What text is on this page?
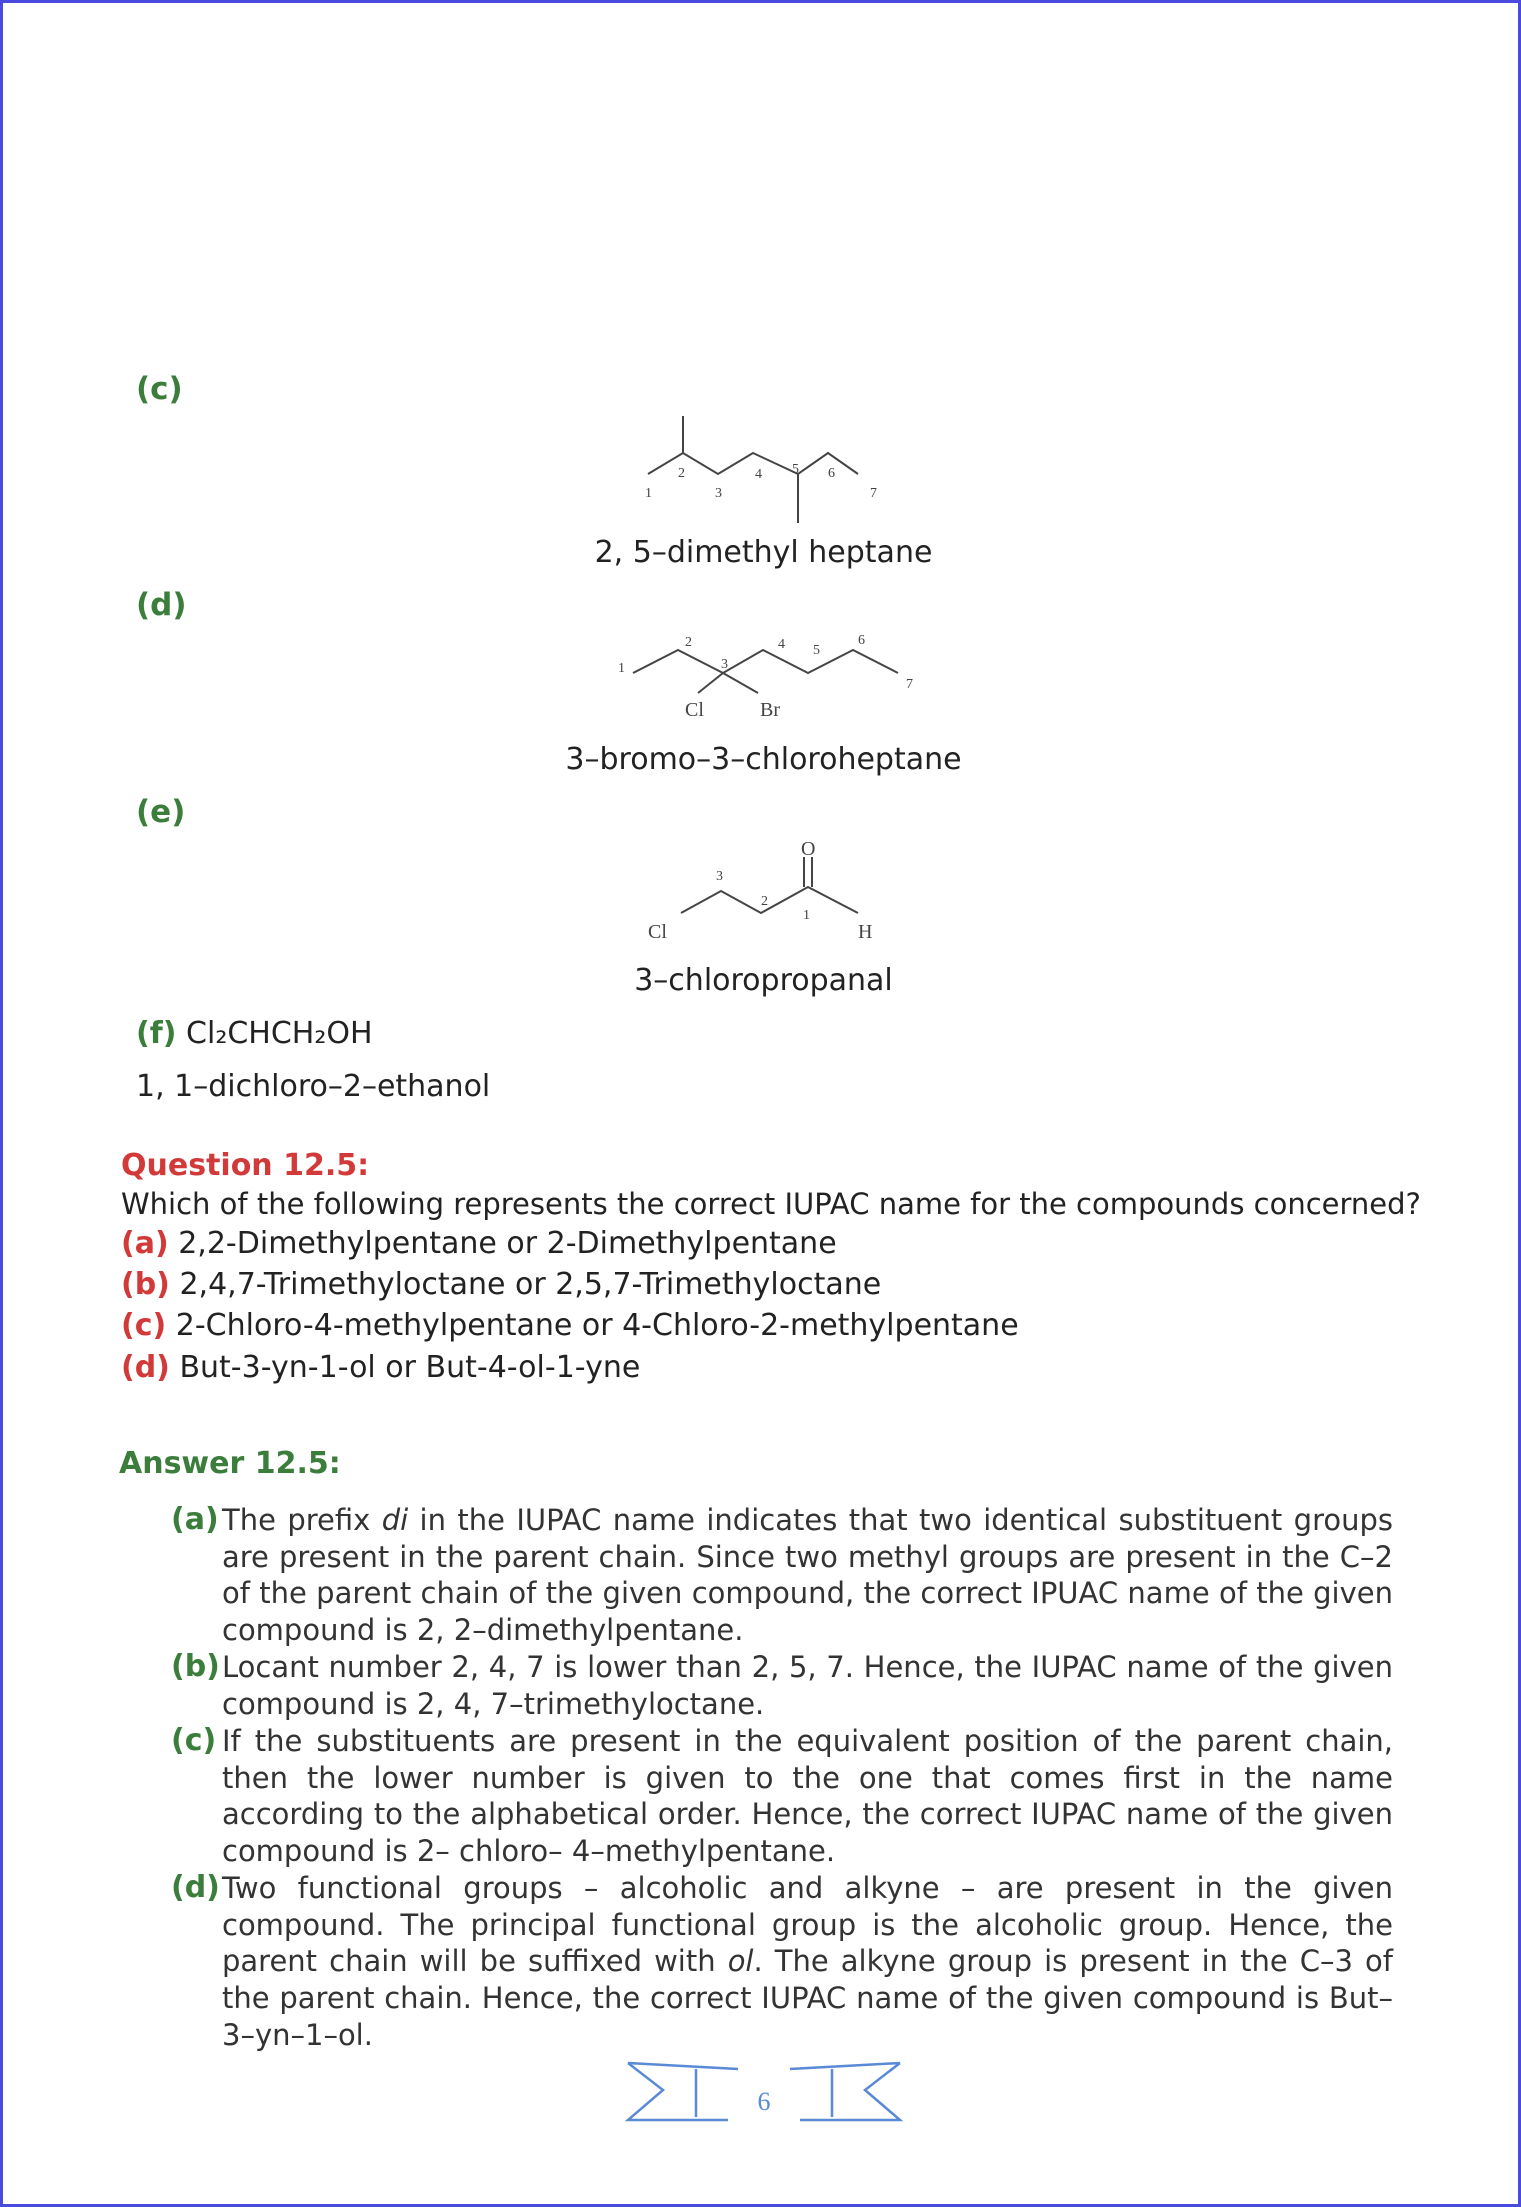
(c)
1
2
3
4 5 6
7
2, 5–dimethyl heptane
(d)
1
2
3
4 5
6
7
Cl	Br
3–bromo–3–chloroheptane
(e)
O
Cl	H
3
2
1
3–chloropropanal
(f) Cl₂CHCH₂OH
1, 1–dichloro–2–ethanol
Question 12.5:
Which of the following represents the correct IUPAC name for the compounds concerned?
(a) 2,2-Dimethylpentane or 2-Dimethylpentane
(b) 2,4,7-Trimethyloctane or 2,5,7-Trimethyloctane
(c) 2-Chloro-4-methylpentane or 4-Chloro-2-methylpentane
(d) But-3-yn-1-ol or But-4-ol-1-yne
Answer 12.5:
(a) The prefix di in the IUPAC name indicates that two identical substituent groups are present in the parent chain. Since two methyl groups are present in the C–2 of the parent chain of the given compound, the correct IPUAC name of the given compound is 2, 2–dimethylpentane.
(b) Locant number 2, 4, 7 is lower than 2, 5, 7. Hence, the IUPAC name of the given compound is 2, 4, 7–trimethyloctane.
(c) If the substituents are present in the equivalent position of the parent chain, then the lower number is given to the one that comes first in the name according to the alphabetical order. Hence, the correct IUPAC name of the given compound is 2– chloro– 4–methylpentane.
(d) Two functional groups – alcoholic and alkyne – are present in the given compound. The principal functional group is the alcoholic group. Hence, the parent chain will be suffixed with ol. The alkyne group is present in the C–3 of the parent chain. Hence, the correct IUPAC name of the given compound is But–3–yn–1–ol.
6
